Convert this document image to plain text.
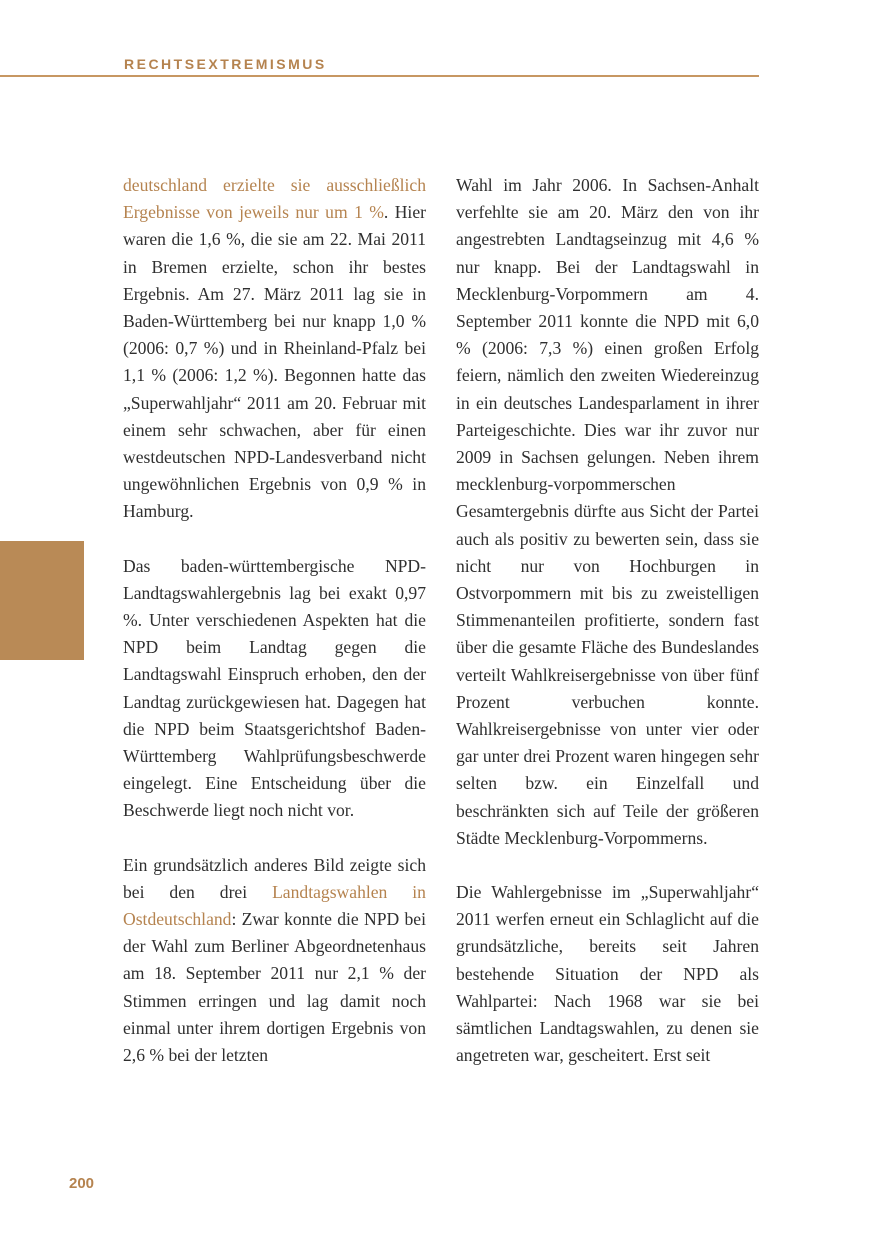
RECHTSEXTREMISMUS

deutschland erzielte sie ausschließlich Ergebnisse von jeweils nur um 1 %. Hier waren die 1,6 %, die sie am 22. Mai 2011 in Bremen erzielte, schon ihr bestes Ergebnis. Am 27. März 2011 lag sie in Baden-Württemberg bei nur knapp 1,0 % (2006: 0,7 %) und in Rheinland-Pfalz bei 1,1 % (2006: 1,2 %). Begonnen hatte das „Superwahljahr“ 2011 am 20. Februar mit einem sehr schwachen, aber für einen westdeutschen NPD-Landesverband nicht ungewöhnlichen Ergebnis von 0,9 % in Hamburg.

Das baden-württembergische NPD-Landtagswahlergebnis lag bei exakt 0,97 %. Unter verschiedenen Aspekten hat die NPD beim Landtag gegen die Landtagswahl Einspruch erhoben, den der Landtag zurückgewiesen hat. Dagegen hat die NPD beim Staatsgerichtshof Baden-Württemberg Wahlprüfungsbeschwerde eingelegt. Eine Entscheidung über die Beschwerde liegt noch nicht vor.

Ein grundsätzlich anderes Bild zeigte sich bei den drei Landtagswahlen in Ostdeutschland: Zwar konnte die NPD bei der Wahl zum Berliner Abgeordnetenhaus am 18. September 2011 nur 2,1 % der Stimmen erringen und lag damit noch einmal unter ihrem dortigen Ergebnis von 2,6 % bei der letzten

Wahl im Jahr 2006. In Sachsen-Anhalt verfehlte sie am 20. März den von ihr angestrebten Landtagseinzug mit 4,6 % nur knapp. Bei der Landtagswahl in Mecklenburg-Vorpommern am 4. September 2011 konnte die NPD mit 6,0 % (2006: 7,3 %) einen großen Erfolg feiern, nämlich den zweiten Wiedereinzug in ein deutsches Landesparlament in ihrer Parteigeschichte. Dies war ihr zuvor nur 2009 in Sachsen gelungen. Neben ihrem mecklenburg-vorpommerschen Gesamtergebnis dürfte aus Sicht der Partei auch als positiv zu bewerten sein, dass sie nicht nur von Hochburgen in Ostvorpommern mit bis zu zweistelligen Stimmenanteilen profitierte, sondern fast über die gesamte Fläche des Bundeslandes verteilt Wahlkreisergebnisse von über fünf Prozent verbuchen konnte. Wahlkreisergebnisse von unter vier oder gar unter drei Prozent waren hingegen sehr selten bzw. ein Einzelfall und beschränkten sich auf Teile der größeren Städte Mecklenburg-Vorpommerns.

Die Wahlergebnisse im „Superwahljahr“ 2011 werfen erneut ein Schlaglicht auf die grundsätzliche, bereits seit Jahren bestehende Situation der NPD als Wahlpartei: Nach 1968 war sie bei sämtlichen Landtagswahlen, zu denen sie angetreten war, gescheitert. Erst seit

200
